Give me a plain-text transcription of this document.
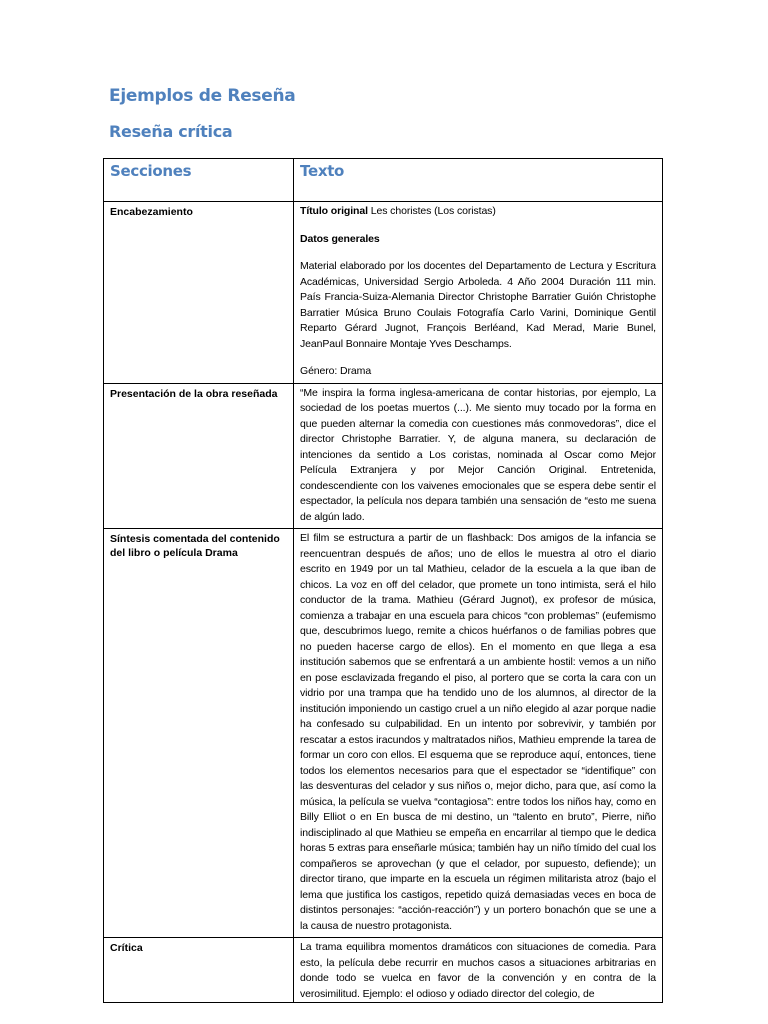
Ejemplos de Reseña
Reseña crítica
Secciones	Texto
Encabezamiento	Título original Les choristes (Los coristas)

Datos generales

Material elaborado por los docentes del Departamento de Lectura y Escritura Académicas, Universidad Sergio Arboleda. 4 Año 2004 Duración 111 min. País Francia-Suiza-Alemania Director Christophe Barratier Guión Christophe Barratier Música Bruno Coulais Fotografía Carlo Varini, Dominique Gentil Reparto Gérard Jugnot, François Berléand, Kad Merad, Marie Bunel, JeanPaul Bonnaire Montaje Yves Deschamps.

Género: Drama

Presentación de la obra reseñada	“Me inspira la forma inglesa-americana de contar historias, por ejemplo, La sociedad de los poetas muertos (...). Me siento muy tocado por la forma en que pueden alternar la comedia con cuestiones más conmovedoras”, dice el director Christophe Barratier. Y, de alguna manera, su declaración de intenciones da sentido a Los coristas, nominada al Oscar como Mejor Película Extranjera y por Mejor Canción Original. Entretenida, condescendiente con los vaivenes emocionales que se espera debe sentir el espectador, la película nos depara también una sensación de “esto me suena de algún lado.
Síntesis comentada del contenido del libro o película Drama	El film se estructura a partir de un flashback: Dos amigos de la infancia se reencuentran después de años; uno de ellos le muestra al otro el diario escrito en 1949 por un tal Mathieu, celador de la escuela a la que iban de chicos. La voz en off del celador, que promete un tono intimista, será el hilo conductor de la trama. Mathieu (Gérard Jugnot), ex profesor de música, comienza a trabajar en una escuela para chicos “con problemas” (eufemismo que, descubrimos luego, remite a chicos huérfanos o de familias pobres que no pueden hacerse cargo de ellos). En el momento en que llega a esa institución sabemos que se enfrentará a un ambiente hostil: vemos a un niño en pose esclavizada fregando el piso, al portero que se corta la cara con un vidrio por una trampa que ha tendido uno de los alumnos, al director de la institución imponiendo un castigo cruel a un niño elegido al azar porque nadie ha confesado su culpabilidad. En un intento por sobrevivir, y también por rescatar a estos iracundos y maltratados niños, Mathieu emprende la tarea de formar un coro con ellos. El esquema que se reproduce aquí, entonces, tiene todos los elementos necesarios para que el espectador se “identifique” con las desventuras del celador y sus niños o, mejor dicho, para que, así como la música, la película se vuelva “contagiosa”: entre todos los niños hay, como en Billy Elliot o en En busca de mi destino, un “talento en bruto”, Pierre, niño indisciplinado al que Mathieu se empeña en encarrilar al tiempo que le dedica horas 5 extras para enseñarle música; también hay un niño tímido del cual los compañeros se aprovechan (y que el celador, por supuesto, defiende); un director tirano, que imparte en la escuela un régimen militarista atroz (bajo el lema que justifica los castigos, repetido quizá demasiadas veces en boca de distintos personajes: “acción-reacción”) y un portero bonachón que se une a la causa de nuestro protagonista.
Crítica	La trama equilibra momentos dramáticos con situaciones de comedia. Para esto, la película debe recurrir en muchos casos a situaciones arbitrarias en donde todo se vuelca en favor de la convención y en contra de la verosimilitud. Ejemplo: el odioso y odiado director del colegio, de
